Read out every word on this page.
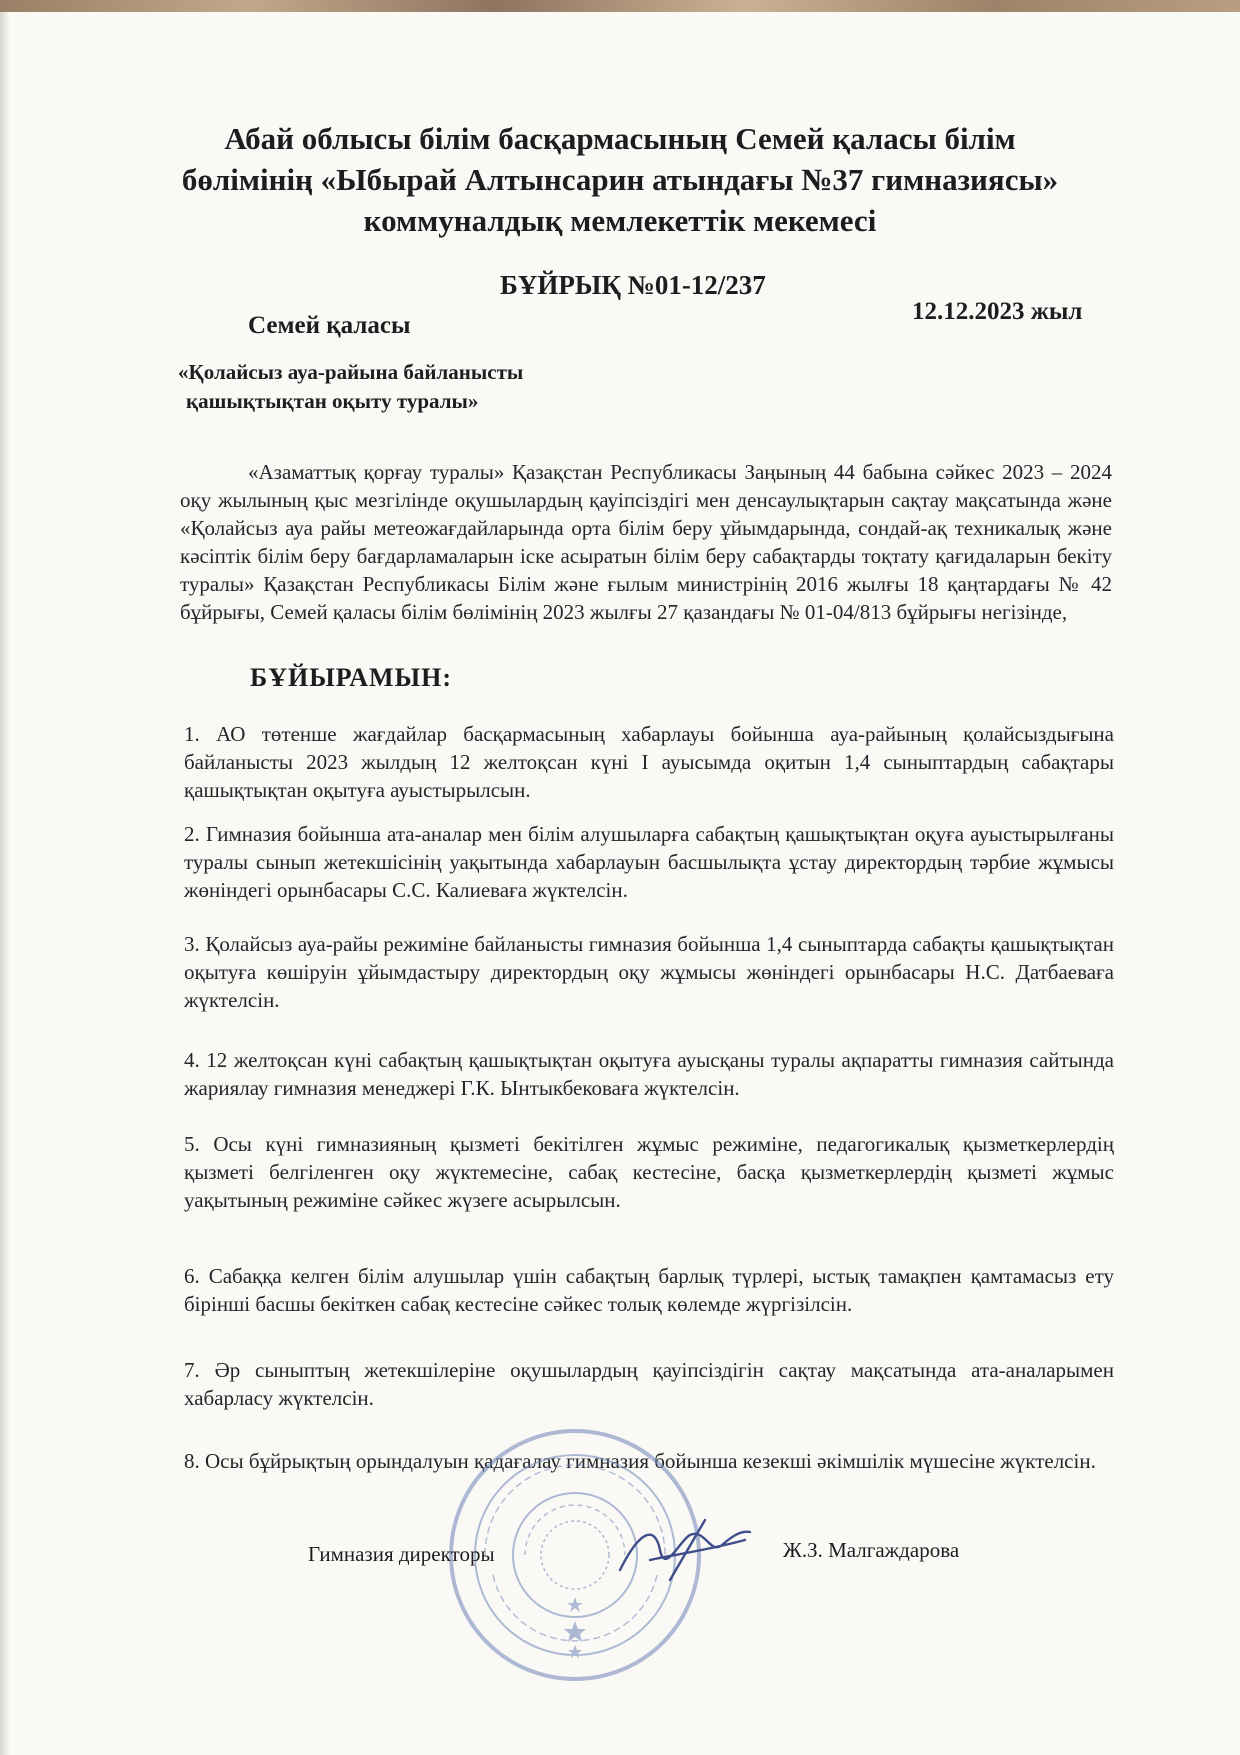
Абай облысы білім басқармасының Семей қаласы білім
бөлімінің «Ыбырай Алтынсарин атындағы №37 гимназиясы»
коммуналдық мемлекеттік мекемесі
БҰЙРЫҚ №01-12/237
Семей қаласы
12.12.2023 жыл
«Қолайсыз ауа-райына байланысты
қашықтықтан оқыту туралы»

«Азаматтық қорғау туралы» Қазақстан Республикасы Заңының 44 бабына сәйкес 2023 – 2024 оқу жылының қыс мезгілінде оқушылардың қауіпсіздігі мен денсаулықтарын сақтау мақсатында және «Қолайсыз ауа райы метеожағдайларында орта білім беру ұйымдарында, сондай-ақ техникалық және кәсіптік білім беру бағдарламаларын іске асыратын білім беру сабақтарды тоқтату қағидаларын бекіту туралы» Қазақстан Республикасы Білім және ғылым министрінің 2016 жылғы 18 қаңтардағы № 42 бұйрығы, Семей қаласы білім бөлімінің 2023 жылғы 27 қазандағы № 01-04/813 бұйрығы негізінде,

БҰЙЫРАМЫН:

1. АО төтенше жағдайлар басқармасының хабарлауы бойынша ауа-райының қолайсыздығына байланысты 2023 жылдың 12 желтоқсан күні I ауысымда оқитын 1,4 сыныптардың сабақтары қашықтықтан оқытуға ауыстырылсын.

2. Гимназия бойынша ата-аналар мен білім алушыларға сабақтың қашықтықтан оқуға ауыстырылғаны туралы сынып жетекшісінің уақытында хабарлауын басшылықта ұстау директордың тәрбие жұмысы жөніндегі орынбасары С.С. Калиеваға жүктелсін.

3. Қолайсыз ауа-райы режиміне байланысты гимназия бойынша 1,4 сыныптарда сабақты қашықтықтан оқытуға көшіруін ұйымдастыру директордың оқу жұмысы жөніндегі орынбасары Н.С. Датбаеваға жүктелсін.

4. 12 желтоқсан күні сабақтың қашықтықтан оқытуға ауысқаны туралы ақпаратты гимназия сайтында жариялау гимназия менеджері Г.К. Ынтыкбековаға жүктелсін.

5. Осы күні гимназияның қызметі бекітілген жұмыс режиміне, педагогикалық қызметкерлердің қызметі белгіленген оқу жүктемесіне, сабақ кестесіне, басқа қызметкерлердің қызметі жұмыс уақытының режиміне сәйкес жүзеге асырылсын.

6. Сабаққа келген білім алушылар үшін сабақтың барлық түрлері, ыстық тамақпен қамтамасыз ету бірінші басшы бекіткен сабақ кестесіне сәйкес толық көлемде жүргізілсін.

7. Әр сыныптың жетекшілеріне оқушылардың қауіпсіздігін сақтау мақсатында ата-аналарымен хабарласу жүктелсін.

8. Осы бұйрықтың орындалуын қадағалау гимназия бойынша кезекші әкімшілік мүшесіне жүктелсін.

Гимназия директоры	Ж.З. Малгаждарова
